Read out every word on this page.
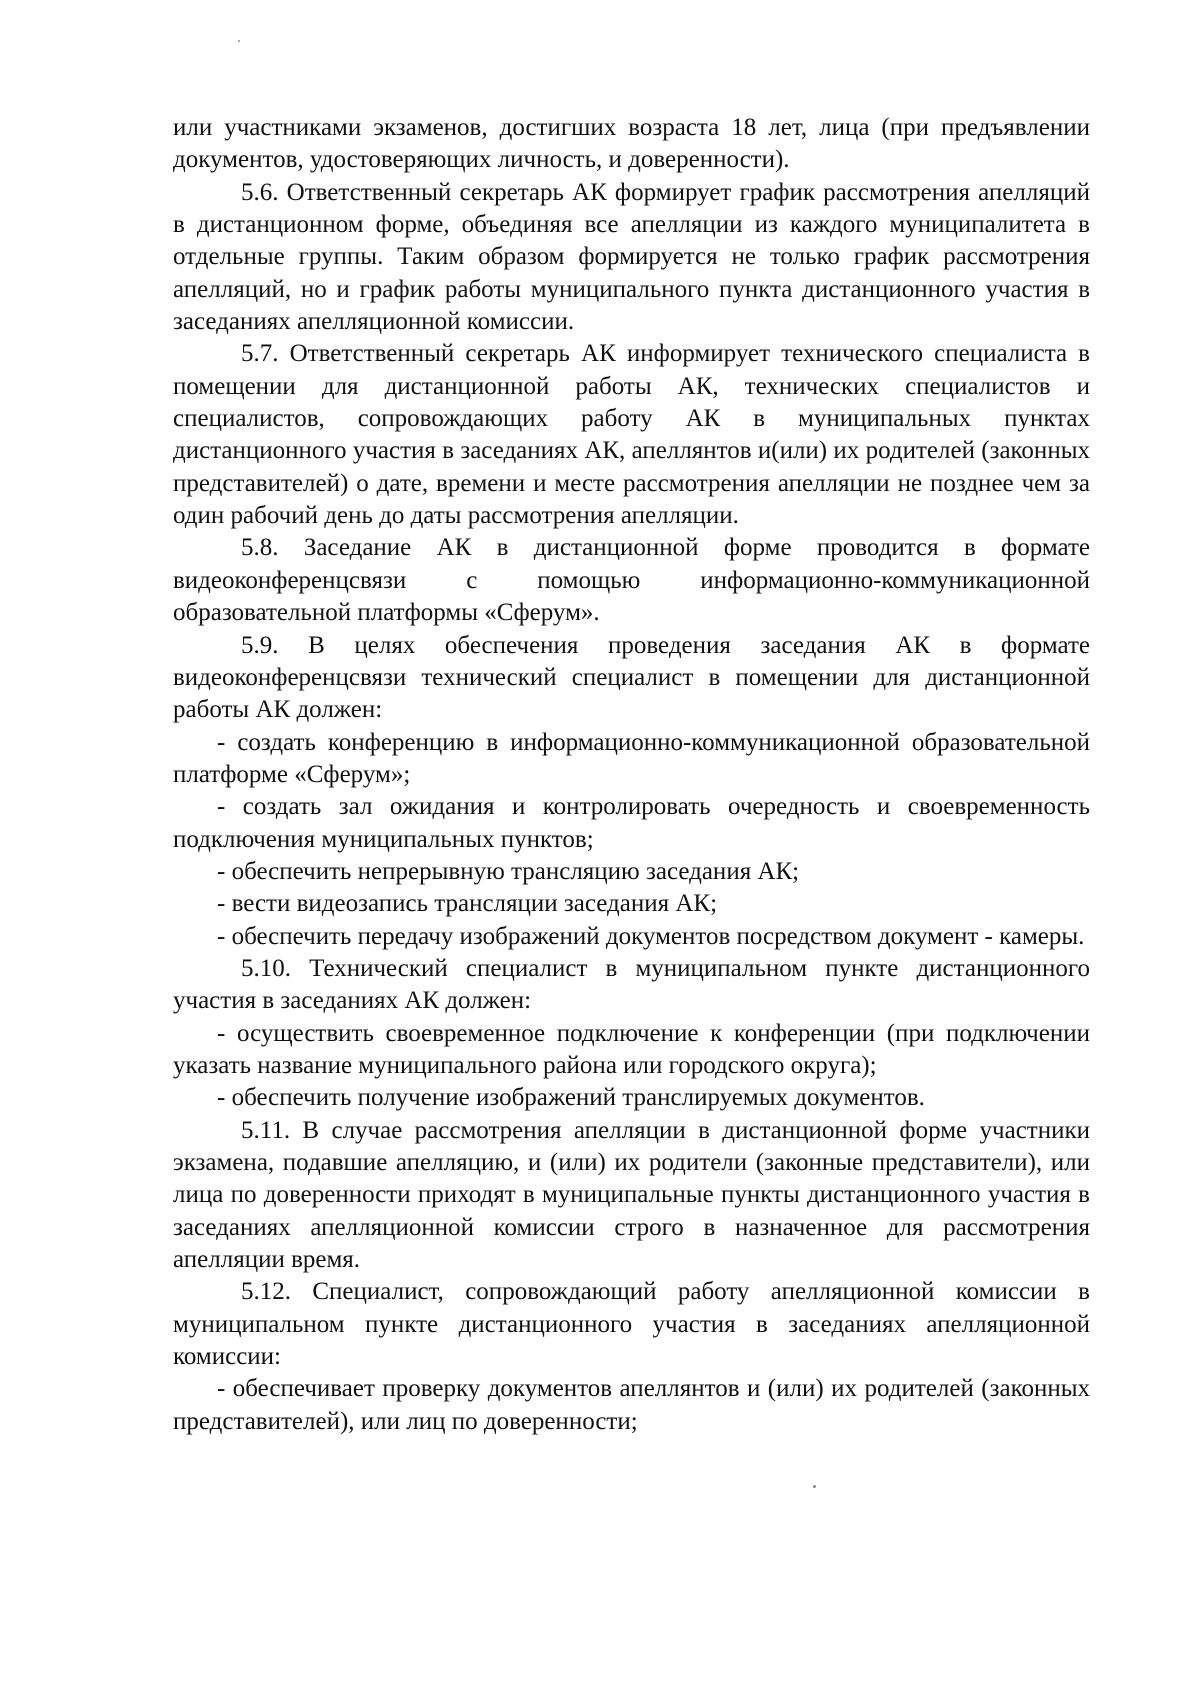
или участниками экзаменов, достигших возраста 18 лет, лица (при предъявлении документов, удостоверяющих личность, и доверенности).

5.6. Ответственный секретарь АК формирует график рассмотрения апелляций в дистанционном форме, объединяя все апелляции из каждого муниципалитета в отдельные группы. Таким образом формируется не только график рассмотрения апелляций, но и график работы муниципального пункта дистанционного участия в заседаниях апелляционной комиссии.

5.7. Ответственный секретарь АК информирует технического специалиста в помещении для дистанционной работы АК, технических специалистов и специалистов, сопровождающих работу АК в муниципальных пунктах дистанционного участия в заседаниях АК, апеллянтов и(или) их родителей (законных представителей) о дате, времени и месте рассмотрения апелляции не позднее чем за один рабочий день до даты рассмотрения апелляции.

5.8. Заседание АК в дистанционной форме проводится в формате видеоконференцсвязи с помощью информационно-коммуникационной образовательной платформы «Сферум».

5.9. В целях обеспечения проведения заседания АК в формате видеоконференцсвязи технический специалист в помещении для дистанционной работы АК должен:

- создать конференцию в информационно-коммуникационной образовательной платформе «Сферум»;

- создать зал ожидания и контролировать очередность и своевременность подключения муниципальных пунктов;

- обеспечить непрерывную трансляцию заседания АК;

- вести видеозапись трансляции заседания АК;

- обеспечить передачу изображений документов посредством документ - камеры.

5.10. Технический специалист в муниципальном пункте дистанционного участия в заседаниях АК должен:

- осуществить своевременное подключение к конференции (при подключении указать название муниципального района или городского округа);

- обеспечить получение изображений транслируемых документов.

5.11. В случае рассмотрения апелляции в дистанционной форме участники экзамена, подавшие апелляцию, и (или) их родители (законные представители), или лица по доверенности приходят в муниципальные пункты дистанционного участия в заседаниях апелляционной комиссии строго в назначенное для рассмотрения апелляции время.

5.12. Специалист, сопровождающий работу апелляционной комиссии в муниципальном пункте дистанционного участия в заседаниях апелляционной комиссии:

- обеспечивает проверку документов апеллянтов и (или) их родителей (законных представителей), или лиц по доверенности;
